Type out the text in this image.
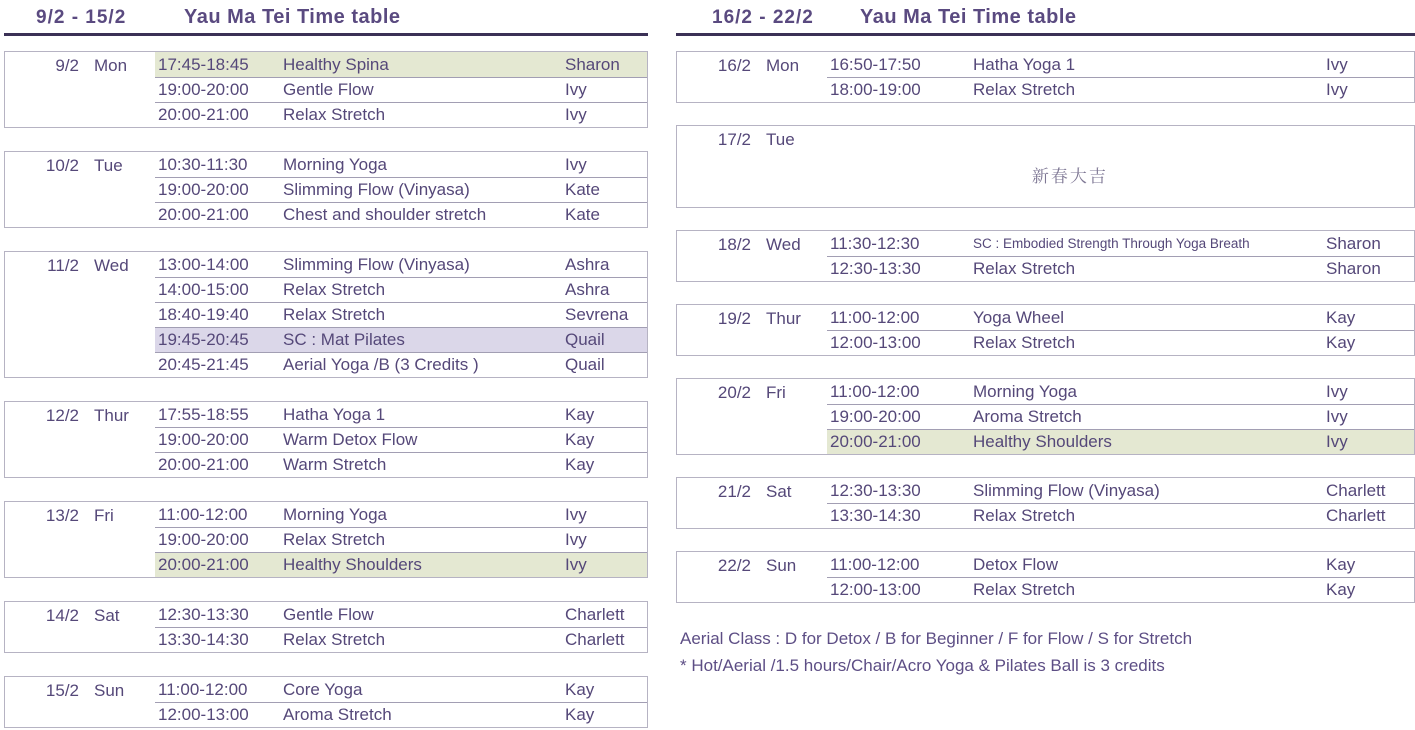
9/2 - 15/2	Yau Ma Tei Time table
9/2 Mon	17:45-18:45	Healthy Spina	Sharon
19:00-20:00	Gentle Flow	Ivy
20:00-21:00	Relax Stretch	Ivy
10/2 Tue	10:30-11:30	Morning Yoga	Ivy
19:00-20:00	Slimming Flow (Vinyasa)	Kate
20:00-21:00	Chest and shoulder stretch	Kate
11/2 Wed	13:00-14:00	Slimming Flow (Vinyasa)	Ashra
14:00-15:00	Relax Stretch	Ashra
18:40-19:40	Relax Stretch	Sevrena
19:45-20:45	SC : Mat Pilates	Quail
20:45-21:45	Aerial Yoga /B (3 Credits )	Quail
12/2 Thur	17:55-18:55	Hatha Yoga 1	Kay
19:00-20:00	Warm Detox Flow	Kay
20:00-21:00	Warm Stretch	Kay
13/2 Fri	11:00-12:00	Morning Yoga	Ivy
19:00-20:00	Relax Stretch	Ivy
20:00-21:00	Healthy Shoulders	Ivy
14/2 Sat	12:30-13:30	Gentle Flow	Charlett
13:30-14:30	Relax Stretch	Charlett
15/2 Sun	11:00-12:00	Core Yoga	Kay
12:00-13:00	Aroma Stretch	Kay
16/2 - 22/2	Yau Ma Tei Time table
16/2 Mon	16:50-17:50	Hatha Yoga 1	Ivy
18:00-19:00	Relax Stretch	Ivy
17/2 Tue
新春大吉
18/2 Wed	11:30-12:30	SC : Embodied Strength Through Yoga Breath	Sharon
12:30-13:30	Relax Stretch	Sharon
19/2 Thur	11:00-12:00	Yoga Wheel	Kay
12:00-13:00	Relax Stretch	Kay
20/2 Fri	11:00-12:00	Morning Yoga	Ivy
19:00-20:00	Aroma Stretch	Ivy
20:00-21:00	Healthy Shoulders	Ivy
21/2 Sat	12:30-13:30	Slimming Flow (Vinyasa)	Charlett
13:30-14:30	Relax Stretch	Charlett
22/2 Sun	11:00-12:00	Detox Flow	Kay
12:00-13:00	Relax Stretch	Kay
Aerial Class : D for Detox / B for Beginner / F for Flow / S for Stretch
* Hot/Aerial /1.5 hours/Chair/Acro Yoga & Pilates Ball is 3 credits
